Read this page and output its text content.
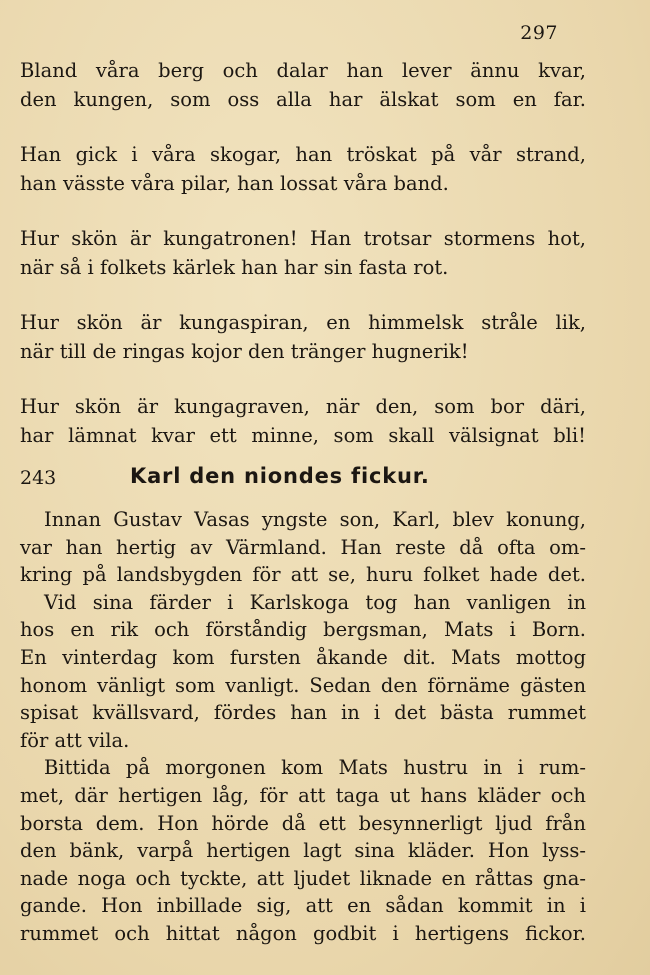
297
Bland våra berg och dalar han lever ännu kvar,
den kungen, som oss alla har älskat som en far.
Han gick i våra skogar, han tröskat på vår strand,
han vässte våra pilar, han lossat våra band.
Hur skön är kungatronen! Han trotsar stormens hot,
när så i folkets kärlek han har sin fasta rot.
Hur skön är kungaspiran, en himmelsk stråle lik,
när till de ringas kojor den tränger hugnerik!
Hur skön är kungagraven, när den, som bor däri,
har lämnat kvar ett minne, som skall välsignat bli!
243	Karl den niondes fickur.
Innan Gustav Vasas yngste son, Karl, blev konung,
var han hertig av Värmland. Han reste då ofta om-
kring på landsbygden för att se, huru folket hade det.
Vid sina färder i Karlskoga tog han vanligen in
hos en rik och förståndig bergsman, Mats i Born.
En vinterdag kom fursten åkande dit. Mats mottog
honom vänligt som vanligt. Sedan den förnäme gästen
spisat kvällsvard, fördes han in i det bästa rummet
för att vila.
Bittida på morgonen kom Mats hustru in i rum-
met, där hertigen låg, för att taga ut hans kläder och
borsta dem. Hon hörde då ett besynnerligt ljud från
den bänk, varpå hertigen lagt sina kläder. Hon lyss-
nade noga och tyckte, att ljudet liknade en råttas gna-
gande. Hon inbillade sig, att en sådan kommit in i
rummet och hittat någon godbit i hertigens fickor.
